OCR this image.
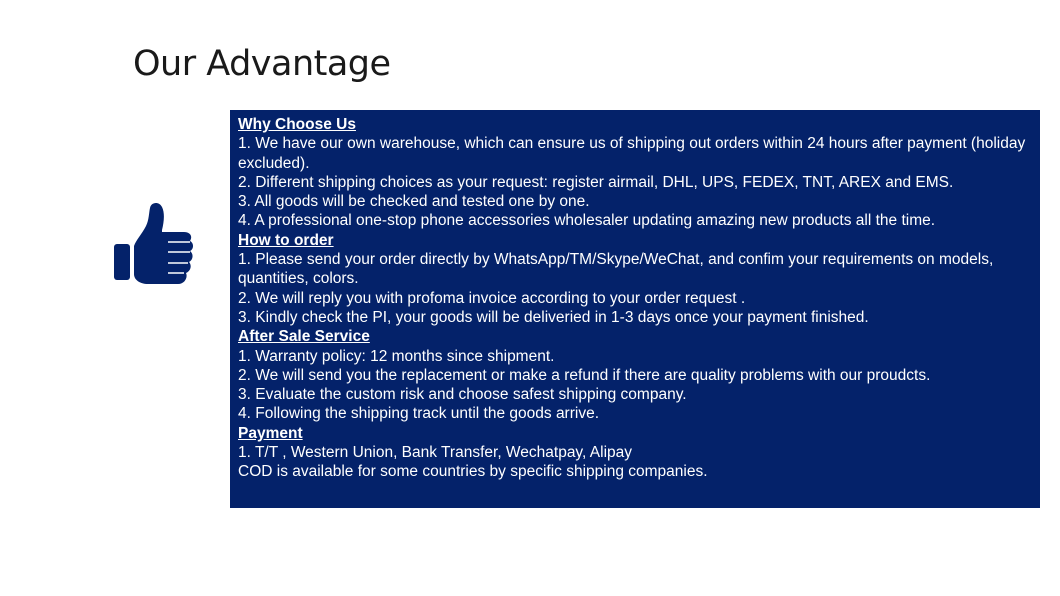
Our Advantage
Why Choose Us
1. We have our own warehouse, which can ensure us of shipping out orders within 24 hours after payment (holiday excluded).
2. Different shipping choices as your request: register airmail, DHL, UPS, FEDEX, TNT, AREX and EMS.
3. All goods will be checked and tested one by one.
4. A professional one-stop phone accessories wholesaler updating amazing new products all the time.
How to order
1. Please send your order directly by WhatsApp/TM/Skype/WeChat, and confim your requirements on models, quantities, colors.
2. We will reply you with profoma invoice according to your order request .
3. Kindly check the PI, your goods will be deliveried in 1-3 days once your payment finished.
After Sale Service
1. Warranty policy: 12 months since shipment.
2. We will send you the replacement or make a refund if there are quality problems with our proudcts.
3. Evaluate the custom risk and choose safest shipping company.
4. Following the shipping track until the goods arrive.
Payment
1. T/T , Western Union, Bank Transfer, Wechatpay, Alipay
COD is available for some countries by specific shipping companies.
